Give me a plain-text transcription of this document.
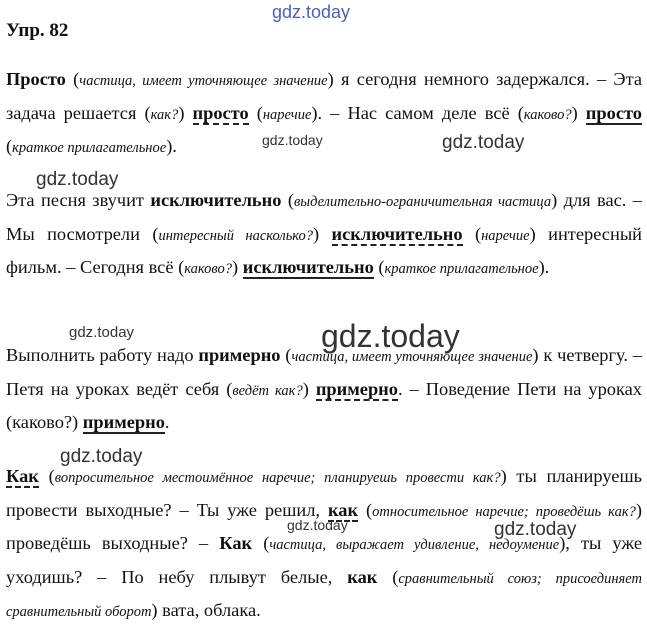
gdz.today
gdz.today	gdz.today
gdz.today
gdz.today	gdz.today
gdz.today
gdz.today	gdz.today
Упр. 82

Просто (частица, имеет уточняющее значение) я сегодня немного задержался. – Эта задача решается (как?) просто (наречие). – Нас самом деле всё (каково?) просто (краткое прилагательное).

Эта песня звучит исключительно (выделительно-ограничительная частица) для вас. – Мы посмотрели (интересный насколько?) исключительно (наречие) интересный фильм. – Сегодня всё (каково?) исключительно (краткое прилагательное).

Выполнить работу надо примерно (частица, имеет уточняющее значение) к четвергу. – Петя на уроках ведёт себя (ведёт как?) примерно. – Поведение Пети на уроках (каково?) примерно.

Как (вопросительное местоимённое наречие; планируешь провести как?) ты планируешь провести выходные? – Ты уже решил, как (относительное наречие; проведёшь как?) проведёшь выходные? – Как (частица, выражает удивление, недоумение), ты уже уходишь? – По небу плывут белые, как (сравнительный союз; присоединяет сравнительный оборот) вата, облака.
